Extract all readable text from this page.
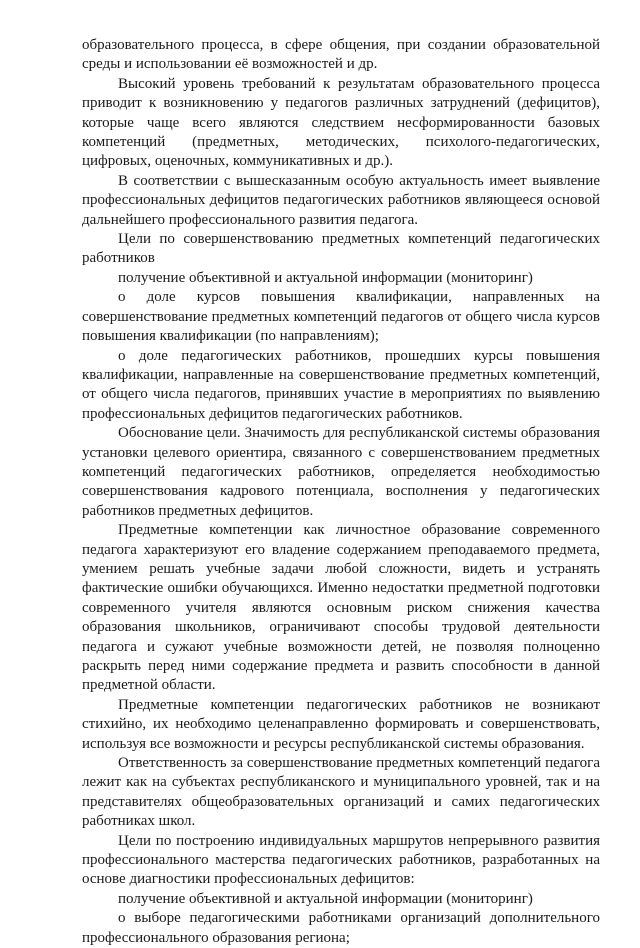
образовательного процесса, в сфере общения, при создании образовательной среды и использовании её возможностей и др.

Высокий уровень требований к результатам образовательного процесса приводит к возникновению у педагогов различных затруднений (дефицитов), которые чаще всего являются следствием несформированности базовых компетенций (предметных, методических, психолого-педагогических, цифровых, оценочных, коммуникативных и др.).

В соответствии с вышесказанным особую актуальность имеет выявление профессиональных дефицитов педагогических работников являющееся основой дальнейшего профессионального развития педагога.

Цели по совершенствованию предметных компетенций педагогических работников

получение объективной и актуальной информации (мониторинг)

о доле курсов повышения квалификации, направленных на совершенствование предметных компетенций педагогов от общего числа курсов повышения квалификации (по направлениям);

о доле педагогических работников, прошедших курсы повышения квалификации, направленные на совершенствование предметных компетенций, от общего числа педагогов, принявших участие в мероприятиях по выявлению профессиональных дефицитов педагогических работников.

Обоснование цели. Значимость для республиканской системы образования установки целевого ориентира, связанного с совершенствованием предметных компетенций педагогических работников, определяется необходимостью совершенствования кадрового потенциала, восполнения у педагогических работников предметных дефицитов.

Предметные компетенции как личностное образование современного педагога характеризуют его владение содержанием преподаваемого предмета, умением решать учебные задачи любой сложности, видеть и устранять фактические ошибки обучающихся. Именно недостатки предметной подготовки современного учителя являются основным риском снижения качества образования школьников, ограничивают способы трудовой деятельности педагога и сужают учебные возможности детей, не позволяя полноценно раскрыть перед ними содержание предмета и развить способности в данной предметной области.

Предметные компетенции педагогических работников не возникают стихийно, их необходимо целенаправленно формировать и совершенствовать, используя все возможности и ресурсы республиканской системы образования.

Ответственность за совершенствование предметных компетенций педагога лежит как на субъектах республиканского и муниципального уровней, так и на представителях общеобразовательных организаций и самих педагогических работниках школ.

Цели по построению индивидуальных маршрутов непрерывного развития профессионального мастерства педагогических работников, разработанных на основе диагностики профессиональных дефицитов:

получение объективной и актуальной информации (мониторинг)

о выборе педагогическими работниками организаций дополнительного профессионального образования региона;
